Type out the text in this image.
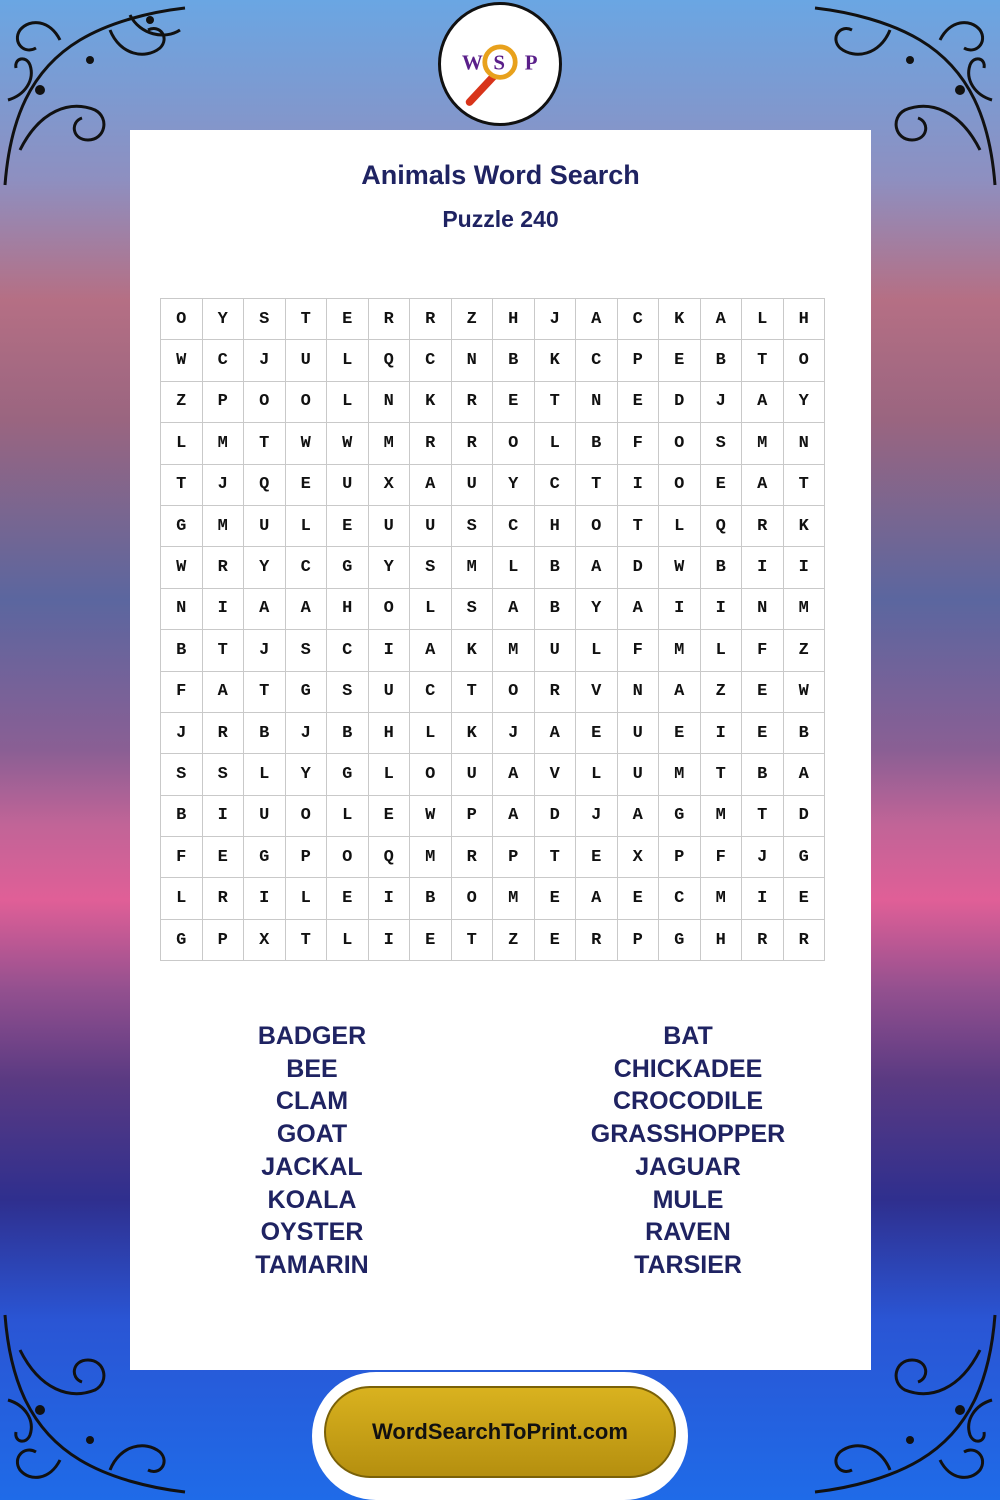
W S P
Animals Word Search
Puzzle 240
O	Y	S	T	E	R	R	Z	H	J	A	C	K	A	L	H
W	C	J	U	L	Q	C	N	B	K	C	P	E	B	T	O
Z	P	O	O	L	N	K	R	E	T	N	E	D	J	A	Y
L	M	T	W	W	M	R	R	O	L	B	F	O	S	M	N
T	J	Q	E	U	X	A	U	Y	C	T	I	O	E	A	T
G	M	U	L	E	U	U	S	C	H	O	T	L	Q	R	K
W	R	Y	C	G	Y	S	M	L	B	A	D	W	B	I	I
N	I	A	A	H	O	L	S	A	B	Y	A	I	I	N	M
B	T	J	S	C	I	A	K	M	U	L	F	M	L	F	Z
F	A	T	G	S	U	C	T	O	R	V	N	A	Z	E	W
J	R	B	J	B	H	L	K	J	A	E	U	E	I	E	B
S	S	L	Y	G	L	O	U	A	V	L	U	M	T	B	A
B	I	U	O	L	E	W	P	A	D	J	A	G	M	T	D
F	E	G	P	O	Q	M	R	P	T	E	X	P	F	J	G
L	R	I	L	E	I	B	O	M	E	A	E	C	M	I	E
G	P	X	T	L	I	E	T	Z	E	R	P	G	H	R	R
BADGER
BEE
CLAM
GOAT
JACKAL
KOALA
OYSTER
TAMARIN
BAT
CHICKADEE
CROCODILE
GRASSHOPPER
JAGUAR
MULE
RAVEN
TARSIER
WordSearchToPrint.com
